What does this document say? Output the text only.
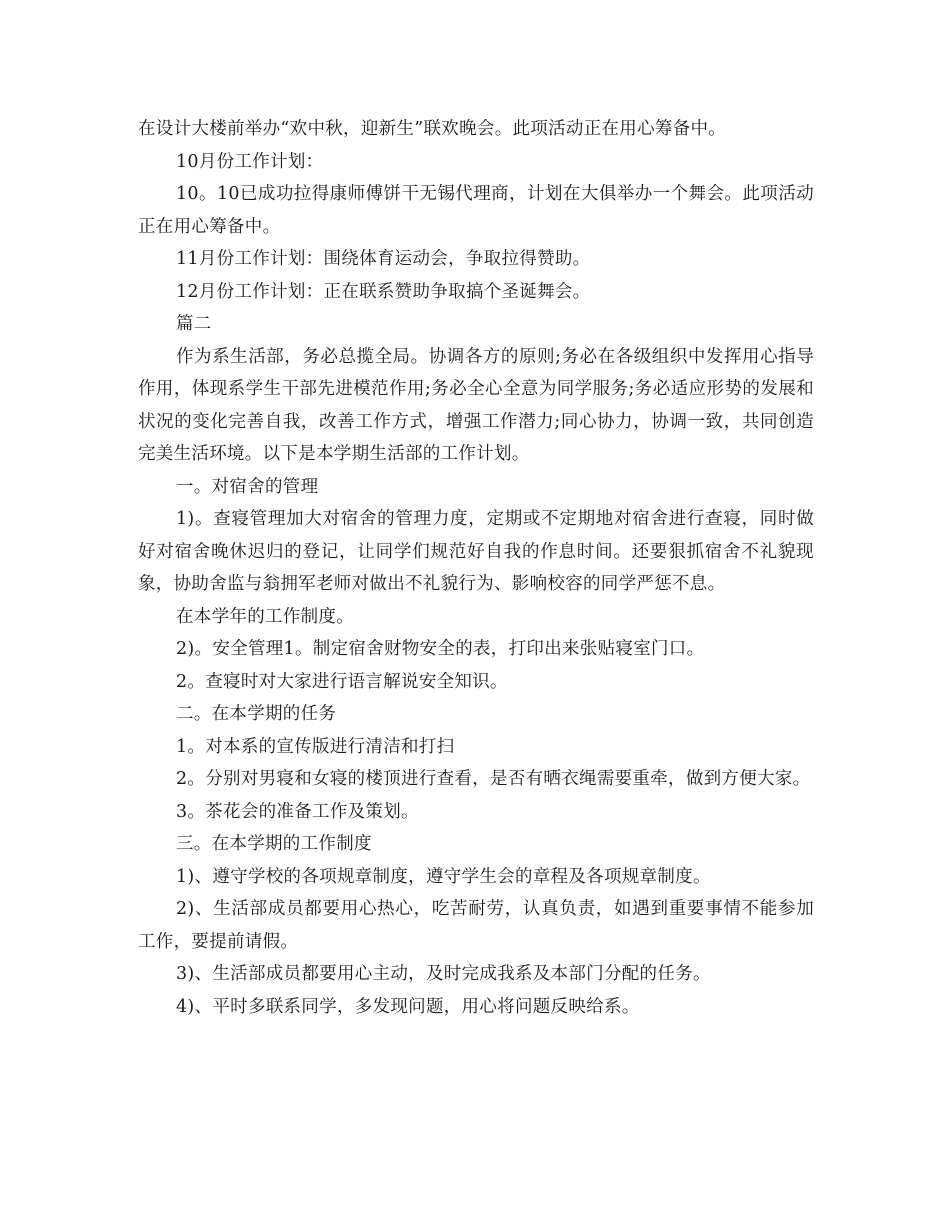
在设计大楼前举办“欢中秋，迎新生”联欢晚会。此项活动正在用心筹备中。

10月份工作计划：

10。10已成功拉得康师傅饼干无锡代理商，计划在大俱举办一个舞会。此项活动正在用心筹备中。

11月份工作计划：围绕体育运动会，争取拉得赞助。

12月份工作计划：正在联系赞助争取搞个圣诞舞会。

篇二

作为系生活部，务必总揽全局。协调各方的原则;务必在各级组织中发挥用心指导作用，体现系学生干部先进模范作用;务必全心全意为同学服务;务必适应形势的发展和状况的变化完善自我，改善工作方式，增强工作潜力;同心协力，协调一致，共同创造完美生活环境。以下是本学期生活部的工作计划。

一。对宿舍的管理

1)。查寝管理加大对宿舍的管理力度，定期或不定期地对宿舍进行查寝，同时做好对宿舍晚休迟归的登记，让同学们规范好自我的作息时间。还要狠抓宿舍不礼貌现象，协助舍监与翁拥军老师对做出不礼貌行为、影响校容的同学严惩不息。

在本学年的工作制度。

2)。安全管理1。制定宿舍财物安全的表，打印出来张贴寝室门口。

2。查寝时对大家进行语言解说安全知识。

二。在本学期的任务

1。对本系的宣传版进行清洁和打扫

2。分别对男寝和女寝的楼顶进行查看，是否有晒衣绳需要重牵，做到方便大家。

3。茶花会的准备工作及策划。

三。在本学期的工作制度

1)、遵守学校的各项规章制度，遵守学生会的章程及各项规章制度。

2)、生活部成员都要用心热心，吃苦耐劳，认真负责，如遇到重要事情不能参加工作，要提前请假。

3)、生活部成员都要用心主动，及时完成我系及本部门分配的任务。

4)、平时多联系同学，多发现问题，用心将问题反映给系。
